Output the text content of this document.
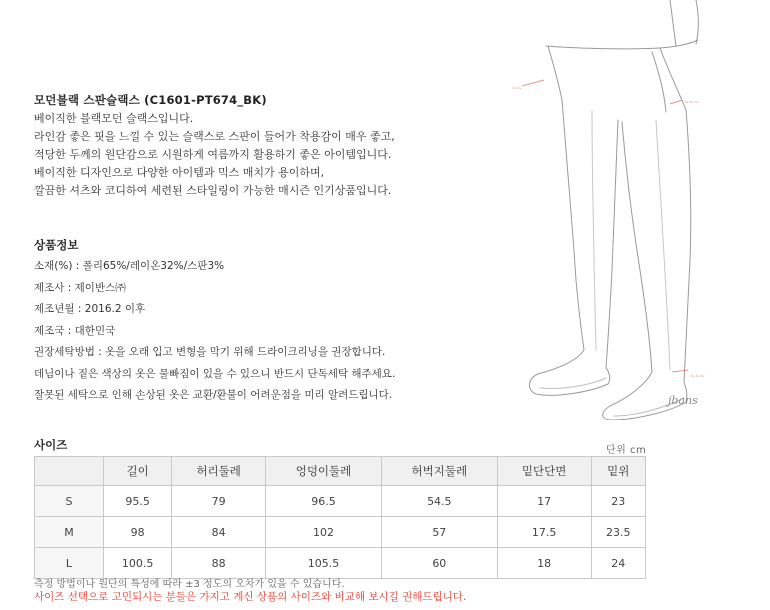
모던블랙 스판슬랙스 (C1601-PT674_BK)
베이직한 블랙모던 슬랙스입니다.
라인감 좋은 핏을 느낄 수 있는 슬랙스로 스판이 들어가 착용감이 매우 좋고,
적당한 두께의 원단감으로 시원하게 여름까지 활용하기 좋은 아이템입니다.
베이직한 디자인으로 다양한 아이템과 믹스 매치가 용이하며,
깔끔한 셔츠와 코디하여 세련된 스타일링이 가능한 매시즌 인기상품입니다.
상품정보
소재(%) : 폴리65%/레이온32%/스판3%
제조사 : 제이반스㈜
제조년월 : 2016.2 이후
제조국 : 대한민국
권장세탁방법 : 옷을 오래 입고 변형을 막기 위해 드라이크리닝을 권장합니다.
데님이나 짙은 색상의 옷은 물빠짐이 있을 수 있으니 반드시 단독세탁 해주세요.
잘못된 세탁으로 인해 손상된 옷은 교환/환불이 어려운점을 미리 알려드립니다.
~~
~~~
~~~
jbans
사이즈	단위 cm
	길이	허리둘레	엉덩이둘레	허벅지둘레	밑단단면	밑위
S	95.5	79	96.5	54.5	17	23
M	98	84	102	57	17.5	23.5
L	100.5	88	105.5	60	18	24
측정 방법이나 원단의 특성에 따라 ±3 정도의 오차가 있을 수 있습니다.
사이즈 선택으로 고민되시는 분들은 가지고 계신 상품의 사이즈와 비교해 보시길 권해드립니다.
